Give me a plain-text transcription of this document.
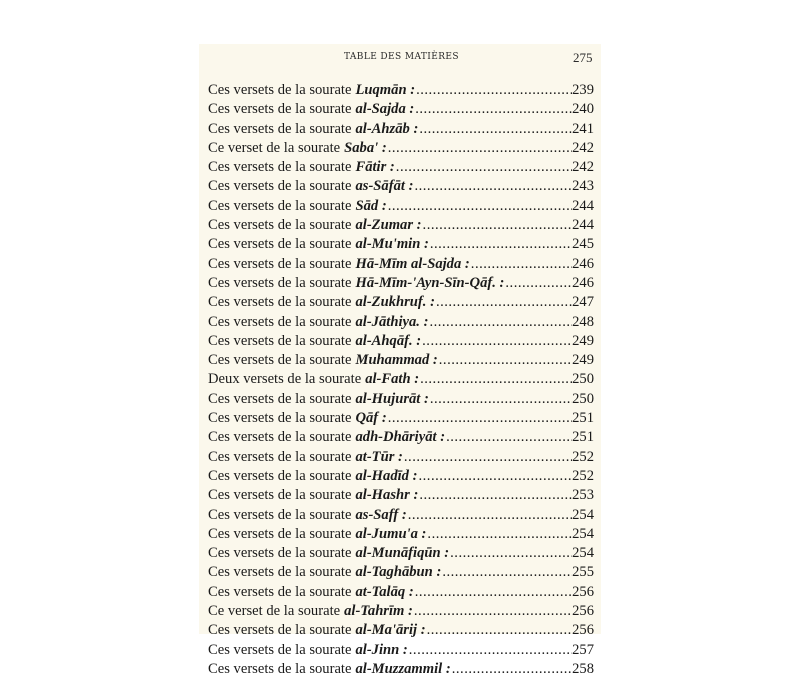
TABLE DES MATIÈRES	275
Ces versets de la sourate Luqmān : .....	239
Ces versets de la sourate al-Sajda : .....	240
Ces versets de la sourate al-Ahzāb : .....	241
Ce verset de la sourate Saba' : .....	242
Ces versets de la sourate Fātir : .....	242
Ces versets de la sourate as-Sāfāt : .....	243
Ces versets de la sourate Sād : .....	244
Ces versets de la sourate al-Zumar : .....	244
Ces versets de la sourate al-Mu'min : .....	245
Ces versets de la sourate Hā-Mīm al-Sajda : .....	246
Ces versets de la sourate Hā-Mīm-'Ayn-Sīn-Qāf. : .....	246
Ces versets de la sourate al-Zukhruf. : .....	247
Ces versets de la sourate al-Jāthiya. : .....	248
Ces versets de la sourate al-Ahqāf. : .....	249
Ces versets de la sourate Muhammad : .....	249
Deux versets de la sourate al-Fath : .....	250
Ces versets de la sourate al-Hujurāt : .....	250
Ces versets de la sourate Qāf : .....	251
Ces versets de la sourate adh-Dhāriyāt : .....	251
Ces versets de la sourate at-Tūr : .....	252
Ces versets de la sourate al-Hadīd : .....	252
Ces versets de la sourate al-Hashr : .....	253
Ces versets de la sourate as-Saff : .....	254
Ces versets de la sourate al-Jumu'a : .....	254
Ces versets de la sourate al-Munāfiqūn : .....	254
Ces versets de la sourate al-Taghābun : .....	255
Ces versets de la sourate at-Talāq : .....	256
Ce verset de la sourate al-Tahrīm : .....	256
Ces versets de la sourate al-Ma'ārij : .....	256
Ces versets de la sourate al-Jinn : .....	257
Ces versets de la sourate al-Muzzammil : .....	258
